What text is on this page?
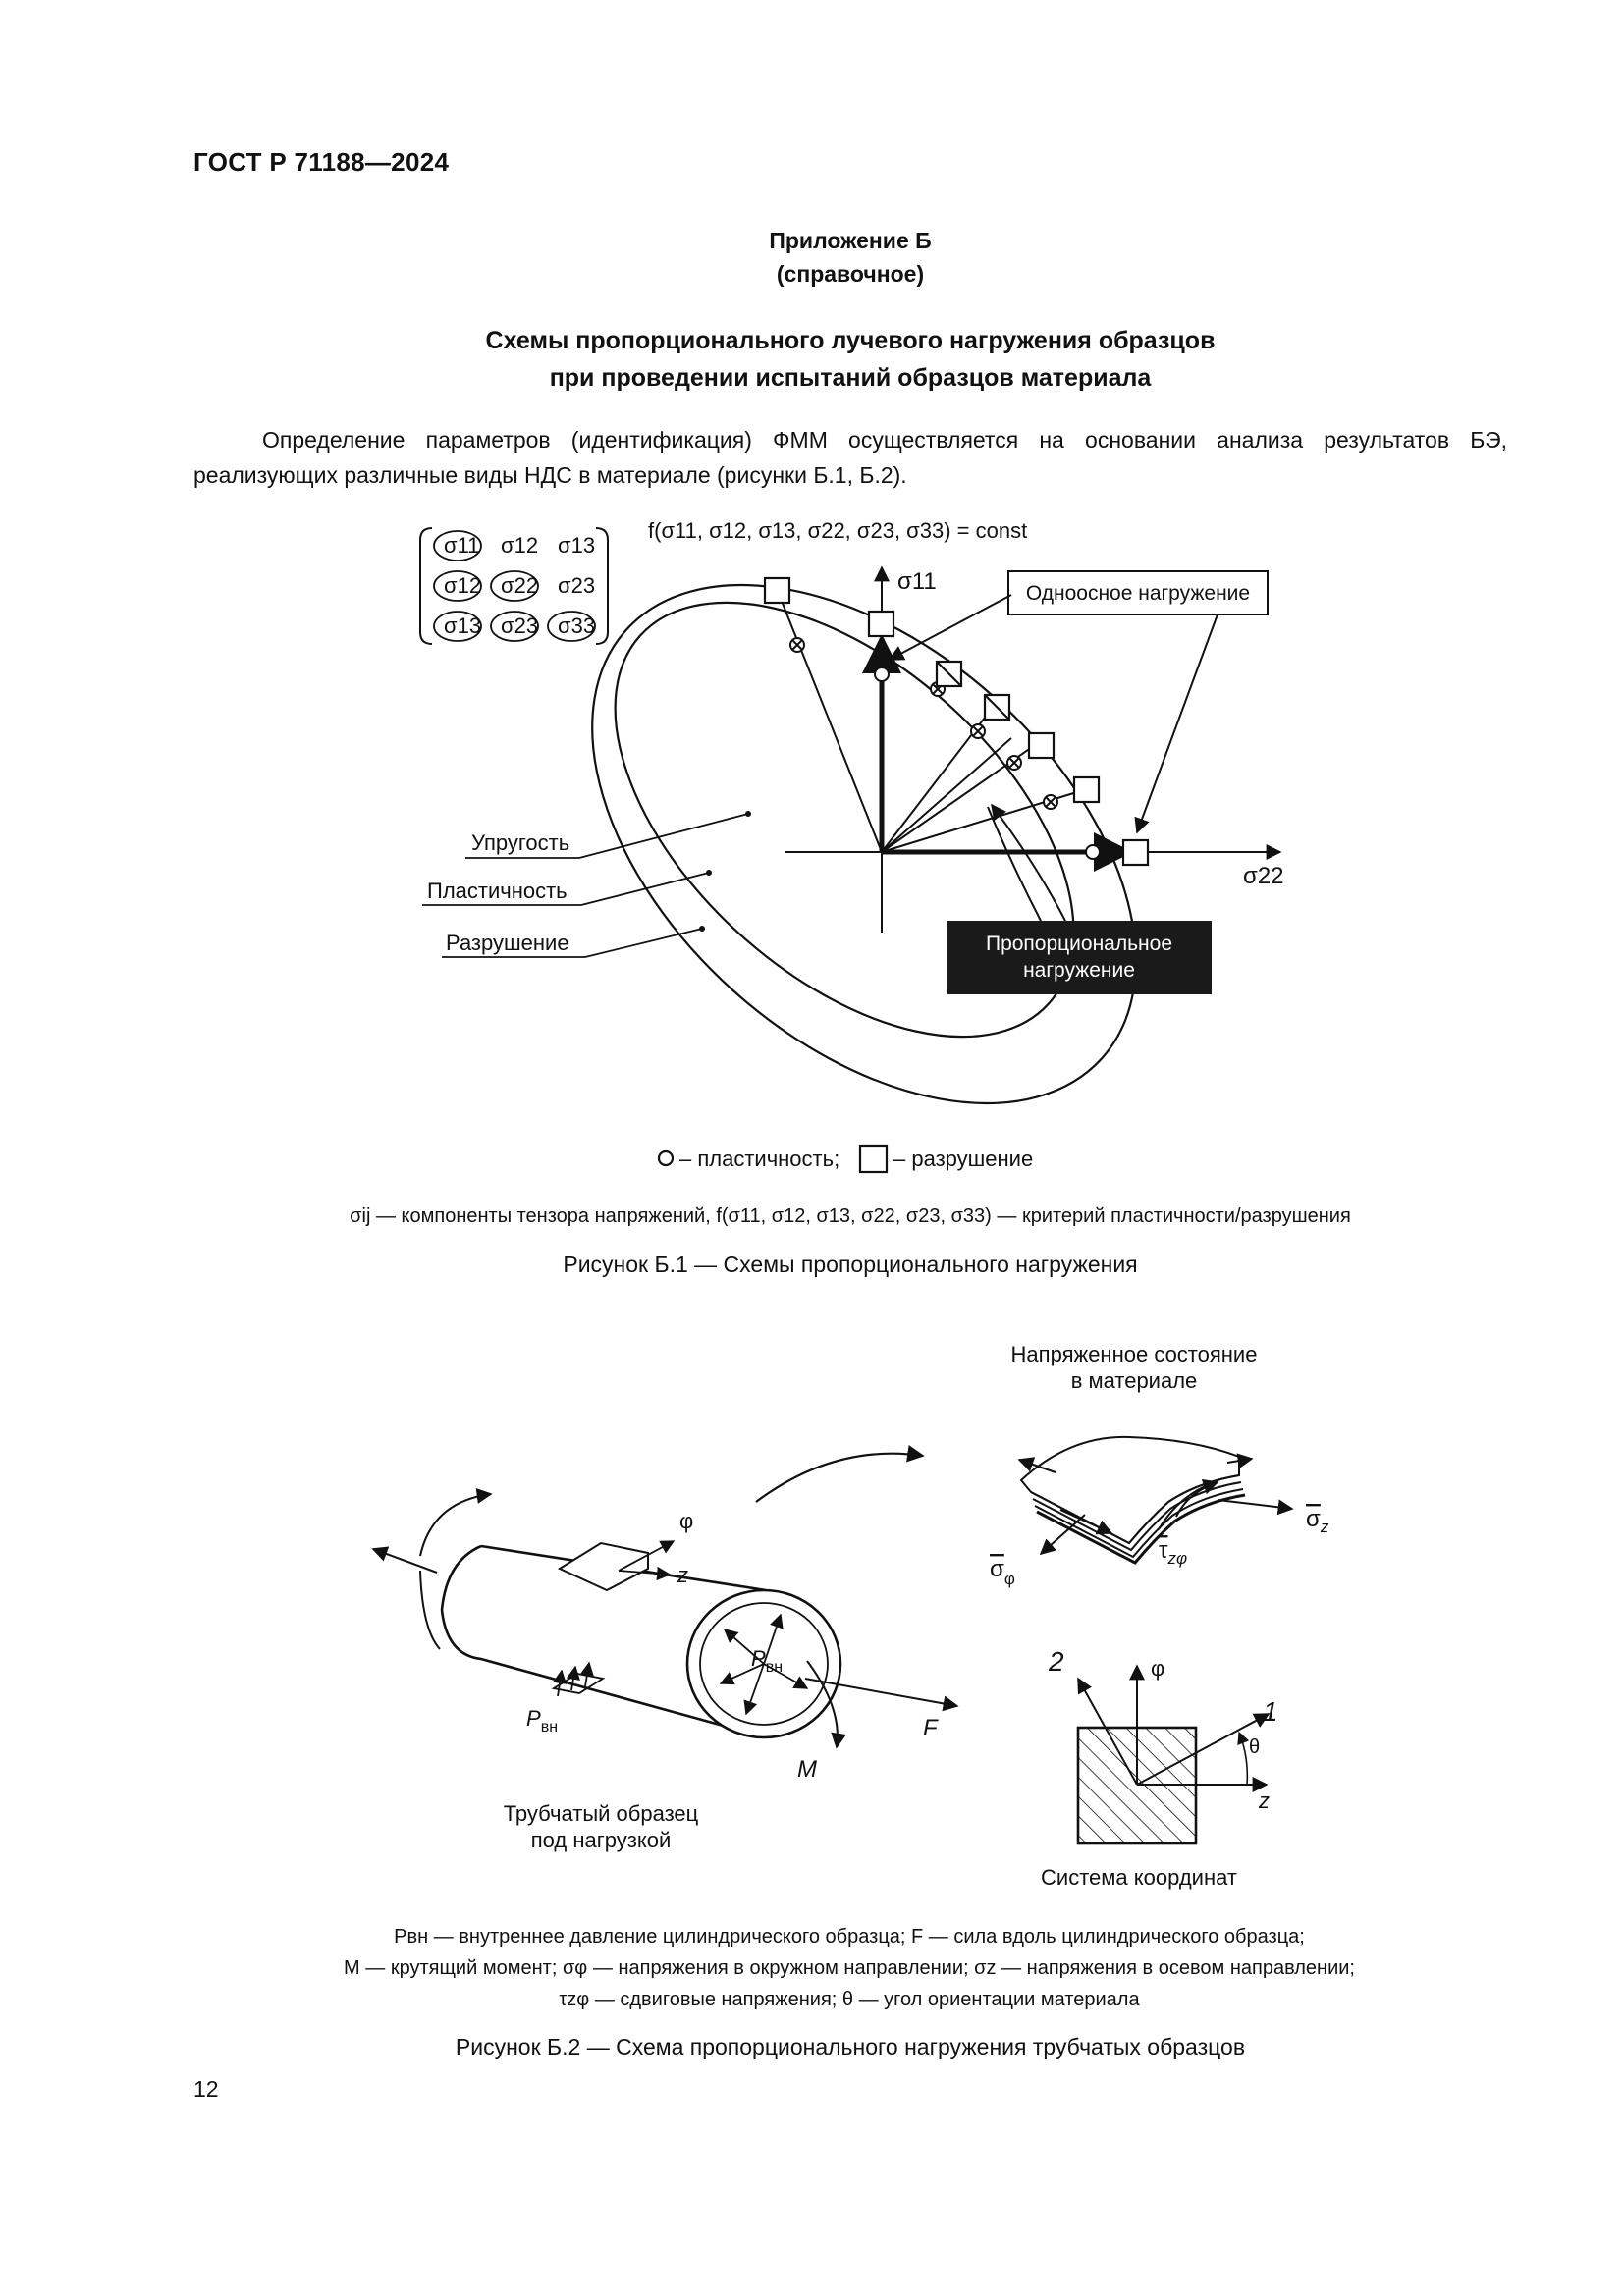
ГОСТ Р 71188—2024
Приложение Б
(справочное)
Схемы пропорционального лучевого нагружения образцов
при проведении испытаний образцов материала
Определение параметров (идентификация) ФММ осуществляется на основании анализа результатов БЭ, реализующих различные виды НДС в материале (рисунки Б.1, Б.2).
σ11 σ12 σ13
σ12 σ22 σ23
σ13 σ23 σ33
f(σ11, σ12, σ13, σ22, σ23, σ33) = const
σ11
σ22
Одноосное нагружение
Пропорциональное
нагружение
Упругость
Пластичность
Разрушение
– пластичность; – разрушение
σij — компоненты тензора напряжений, f(σ11, σ12, σ13, σ22, σ23, σ33) — критерий пластичности/разрушения
Рисунок Б.1 — Схемы пропорционального нагружения
Напряженное состояние
в материале
$\sigma_z$
$\tau_{z\varphi}$
$\sigma_\varphi$
φ
z
$P_{вн}$
$P_{вн}$
F
M
Трубчатый образец
под нагрузкой
φ
z
1
2
θ
Система координат
Pвн — внутреннее давление цилиндрического образца; F — сила вдоль цилиндрического образца;
M — крутящий момент; σφ — напряжения в окружном направлении; σz — напряжения в осевом направлении; τzφ — сдвиговые напряжения; θ — угол ориентации материала
Рисунок Б.2 — Схема пропорционального нагружения трубчатых образцов
12
